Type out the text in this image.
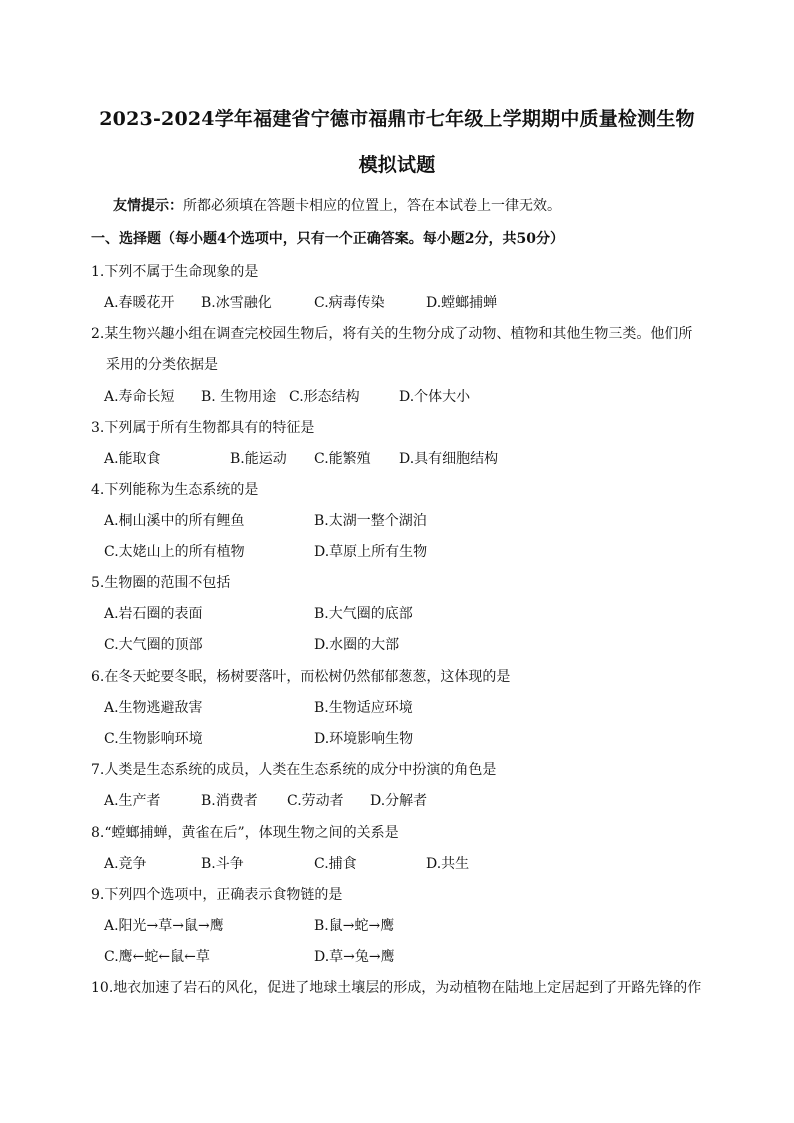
2023-2024学年福建省宁德市福鼎市七年级上学期期中质量检测生物
模拟试题
友情提示：所都必须填在答题卡相应的位置上，答在本试卷上一律无效。
一、选择题（每小题4个选项中，只有一个正确答案。每小题2分，共50分）
1.下列不属于生命现象的是
A.春暖花开 B.冰雪融化	C.病毒传染	D.螳螂捕蝉
2.某生物兴趣小组在调查完校园生物后，将有关的生物分成了动物、植物和其他生物三类。他们所
采用的分类依据是
A.寿命长短 B. 生物用途 C.形态结构	D.个体大小
3.下列属于所有生物都具有的特征是
A.能取食	B.能运动 C.能繁殖 D.具有细胞结构
4.下列能称为生态系统的是
A.桐山溪中的所有鲤鱼	B.太湖一整个湖泊
C.太姥山上的所有植物	D.草原上所有生物
5.生物圈的范围不包括
A.岩石圈的表面	B.大气圈的底部
C.大气圈的顶部	D.水圈的大部
6.在冬天蛇要冬眠，杨树要落叶，而松树仍然郁郁葱葱，这体现的是
A.生物逃避敌害	B.生物适应环境
C.生物影响环境	D.环境影响生物
7.人类是生态系统的成员，人类在生态系统的成分中扮演的角色是
A.生产者	B.消费者 C.劳动者 D.分解者
8.“螳螂捕蝉，黄雀在后”，体现生物之间的关系是
A.竞争	B.斗争	C.捕食	D.共生
9.下列四个选项中，正确表示食物链的是
A.阳光→草→鼠→鹰	B.鼠→蛇→鹰
C.鹰←蛇←鼠←草	D.草→兔→鹰
10.地衣加速了岩石的风化，促进了地球土壤层的形成，为动植物在陆地上定居起到了开路先锋的作
